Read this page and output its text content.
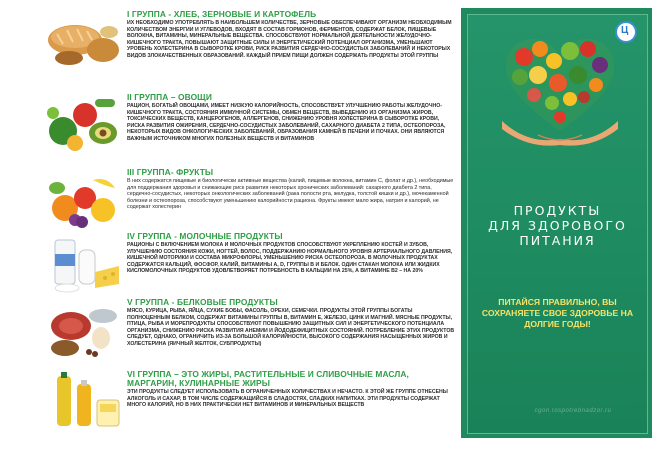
I ГРУППА - ХЛЕБ, ЗЕРНОВЫЕ И КАРТОФЕЛЬ

ИХ НЕОБХОДИМО УПОТРЕБЛЯТЬ В НАИБОЛЬШЕМ КОЛИЧЕСТВЕ, ЗЕРНОВЫЕ ОБЕСПЕЧИВАЮТ ОРГАНИЗМ НЕОБХОДИМЫМ КОЛИЧЕСТВОМ ЭНЕРГИИ И УГЛЕВОДОВ, ВХОДЯТ В СОСТАВ ГОРМОНОВ, ФЕРМЕНТОВ, СОДЕРЖАТ БЕЛОК, ПИЩЕВЫЕ ВОЛОКНА, ВИТАМИНЫ, МИНЕРАЛЬНЫЕ ВЕЩЕСТВА. СПОСОБСТВУЮТ НОРМАЛЬНОЙ ДЕЯТЕЛЬНОСТИ ЖЕЛУДОЧНО-КИШЕЧНОГО ТРАКТА, ПОВЫШАЮТ ЗАЩИТНЫЕ СИЛЫ И ЭНЕРГЕТИЧЕСКИЙ ПОТЕНЦИАЛ ОРГАНИЗМА, УМЕНЬШАЮТ УРОВЕНЬ ХОЛЕСТЕРИНА В СЫВОРОТКЕ КРОВИ, РИСК РАЗВИТИЯ СЕРДЕЧНО-СОСУДИСТЫХ ЗАБОЛЕВАНИЙ И НЕКОТОРЫХ ВИДОВ ЗЛОКАЧЕСТВЕННЫХ ОБРАЗОВАНИЙ. КАЖДЫЙ ПРИЕМ ПИЩИ ДОЛЖЕН СОДЕРЖАТЬ ПРОДУКТЫ ЭТОЙ ГРУППЫ

II ГРУППА – ОВОЩИ

РАЦИОН, БОГАТЫЙ ОВОЩАМИ, ИМЕЕТ НИЗКУЮ КАЛОРИЙНОСТЬ, СПОСОБСТВУЕТ УЛУЧШЕНИЮ РАБОТЫ ЖЕЛУДОЧНО-КИШЕЧНОГО ТРАКТА, СОСТОЯНИЯ ИММУННОЙ СИСТЕМЫ, ОБМЕН ВЕЩЕСТВ, ВЫВЕДЕНИЮ ИЗ ОРГАНИЗМА ЖИРОВ, ТОКСИЧЕСКИХ ВЕЩЕСТВ, КАНЦЕРОГЕНОВ, АЛЛЕРГЕНОВ, СНИЖЕНИЮ УРОВНЯ ХОЛЕСТЕРИНА В СЫВОРОТКЕ КРОВИ, РИСКА РАЗВИТИЯ ОЖИРЕНИЯ, СЕРДЕЧНО-СОСУДИСТЫХ ЗАБОЛЕВАНИЙ, САХАРНОГО ДИАБЕТА 2 ТИПА, ОСТЕОПОРОЗА, НЕКОТОРЫХ ВИДОВ ОНКОЛОГИЧЕСКИХ ЗАБОЛЕВАНИЙ, ОБРАЗОВАНИЯ КАМНЕЙ В ПЕЧЕНИ И ПОЧКАХ. ОНИ ЯВЛЯЮТСЯ ВАЖНЫМ ИСТОЧНИКОМ МНОГИХ ПОЛЕЗНЫХ ВЕЩЕСТВ И ВИТАМИНОВ

III ГРУППА- ФРУКТЫ

В них содержатся пищевые и биологически активные вещества (калий, пищевые волокна, витамин С, фолат и др.), необходимые для поддержания здоровья и снижающие риск развития некоторых хронических заболеваний: сахарного диабета 2 типа, сердечно-сосудистых, некоторых онкологических заболеваний (рака полости рта, желудка, толстой кишки и др.), мочекаменной болезни и остеопороза, способствуют уменьшению калорийности рациона. Фрукты имеют мало жира, натрия и калорий, не содержат холестерин

IV ГРУППА - МОЛОЧНЫЕ ПРОДУКТЫ

РАЦИОНЫ С ВКЛЮЧЕНИЕМ МОЛОКА И МОЛОЧНЫХ ПРОДУКТОВ СПОСОБСТВУЮТ УКРЕПЛЕНИЮ КОСТЕЙ И ЗУБОВ, УЛУЧШЕНИЮ СОСТОЯНИЯ КОЖИ, НОГТЕЙ, ВОЛОС, ПОДДЕРЖАНИЮ НОРМАЛЬНОГО УРОВНЯ АРТЕРИАЛЬНОГО ДАВЛЕНИЯ, КИШЕЧНОЙ МОТОРИКИ И СОСТАВА МИКРОФЛОРЫ, УМЕНЬШЕНИЮ РИСКА ОСТЕОПОРОЗА. В МОЛОЧНЫХ ПРОДУКТАХ СОДЕРЖАТСЯ КАЛЬЦИЙ, ФОСФОР, КАЛИЙ, ВИТАМИНЫ А, D, ГРУППЫ В И БЕЛОК. ОДИН СТАКАН МОЛОКА ИЛИ ЖИДКИХ КИСЛОМОЛОЧНЫХ ПРОДУКТОВ УДОВЛЕТВОРЯЕТ ПОТРЕБНОСТЬ В КАЛЬЦИИ НА 25%, А ВИТАМИНЕ В2 – НА 20%

V ГРУППА - БЕЛКОВЫЕ ПРОДУКТЫ

МЯСО, КУРИЦА, РЫБА, ЯЙЦА, СУХИЕ БОБЫ, ФАСОЛЬ, ОРЕХИ, СЕМЕЧКИ. ПРОДУКТЫ ЭТОЙ ГРУППЫ БОГАТЫ ПОЛНОЦЕННЫМ БЕЛКОМ, СОДЕРЖАТ ВИТАМИНЫ ГРУППЫ В, ВИТАМИН Е, ЖЕЛЕЗО, ЦИНК И МАГНИЙ. МЯСНЫЕ ПРОДУКТЫ, ПТИЦА, РЫБА И МОРЕПРОДУКТЫ СПОСОБСТВУЮТ ПОВЫШЕНИЮ ЗАЩИТНЫХ СИЛ И ЭНЕРГЕТИЧЕСКОГО ПОТЕНЦИАЛА ОРГАНИЗМА, СНИЖЕНИЮ РИСКА РАЗВИТИЯ АНЕМИИ И ЙОДОДЕФИЦИТНЫХ СОСТОЯНИЙ. ПОТРЕБЛЕНИЕ ЭТИХ ПРОДУКТОВ СЛЕДУЕТ, ОДНАКО, ОГРАНИЧИТЬ ИЗ-ЗА БОЛЬШОЙ КАЛОРИЙНОСТИ, ВЫСОКОГО СОДЕРЖАНИЯ НАСЫЩЕННЫХ ЖИРОВ И ХОЛЕСТЕРИНА (ЯИЧНЫЙ ЖЕЛТОК, СУБПРОДУКТЫ)

VI ГРУППА – ЭТО ЖИРЫ, РАСТИТЕЛЬНЫЕ И СЛИВОЧНЫЕ МАСЛА, МАРГАРИН, КУЛИНАРНЫЕ ЖИРЫ

ЭТИ ПРОДУКТЫ СЛЕДУЕТ ИСПОЛЬЗОВАТЬ В ОГРАНИЧЕННЫХ КОЛИЧЕСТВАХ И НЕЧАСТО. К ЭТОЙ ЖЕ ГРУППЕ ОТНЕСЕНЫ АЛКОГОЛЬ И САХАР, В ТОМ ЧИСЛЕ СОДЕРЖАЩИЙСЯ В СЛАДОСТЯХ, СЛАДКИХ НАПИТКАХ. ЭТИ ПРОДУКТЫ СОДЕРЖАТ МНОГО КАЛОРИЙ, НО В НИХ ПРАКТИЧЕСКИ НЕТ ВИТАМИНОВ И МИНЕРАЛЬНЫХ ВЕЩЕСТВ

Ц
ПРОДУКТЫ
ДЛЯ ЗДОРОВОГО
ПИТАНИЯ
ПИТАЙСЯ ПРАВИЛЬНО, ВЫ СОХРАНЯЕТЕ СВОЕ ЗДОРОВЬЕ НА ДОЛГИЕ ГОДЫ!
cgon.rospotrebnadzor.ru
